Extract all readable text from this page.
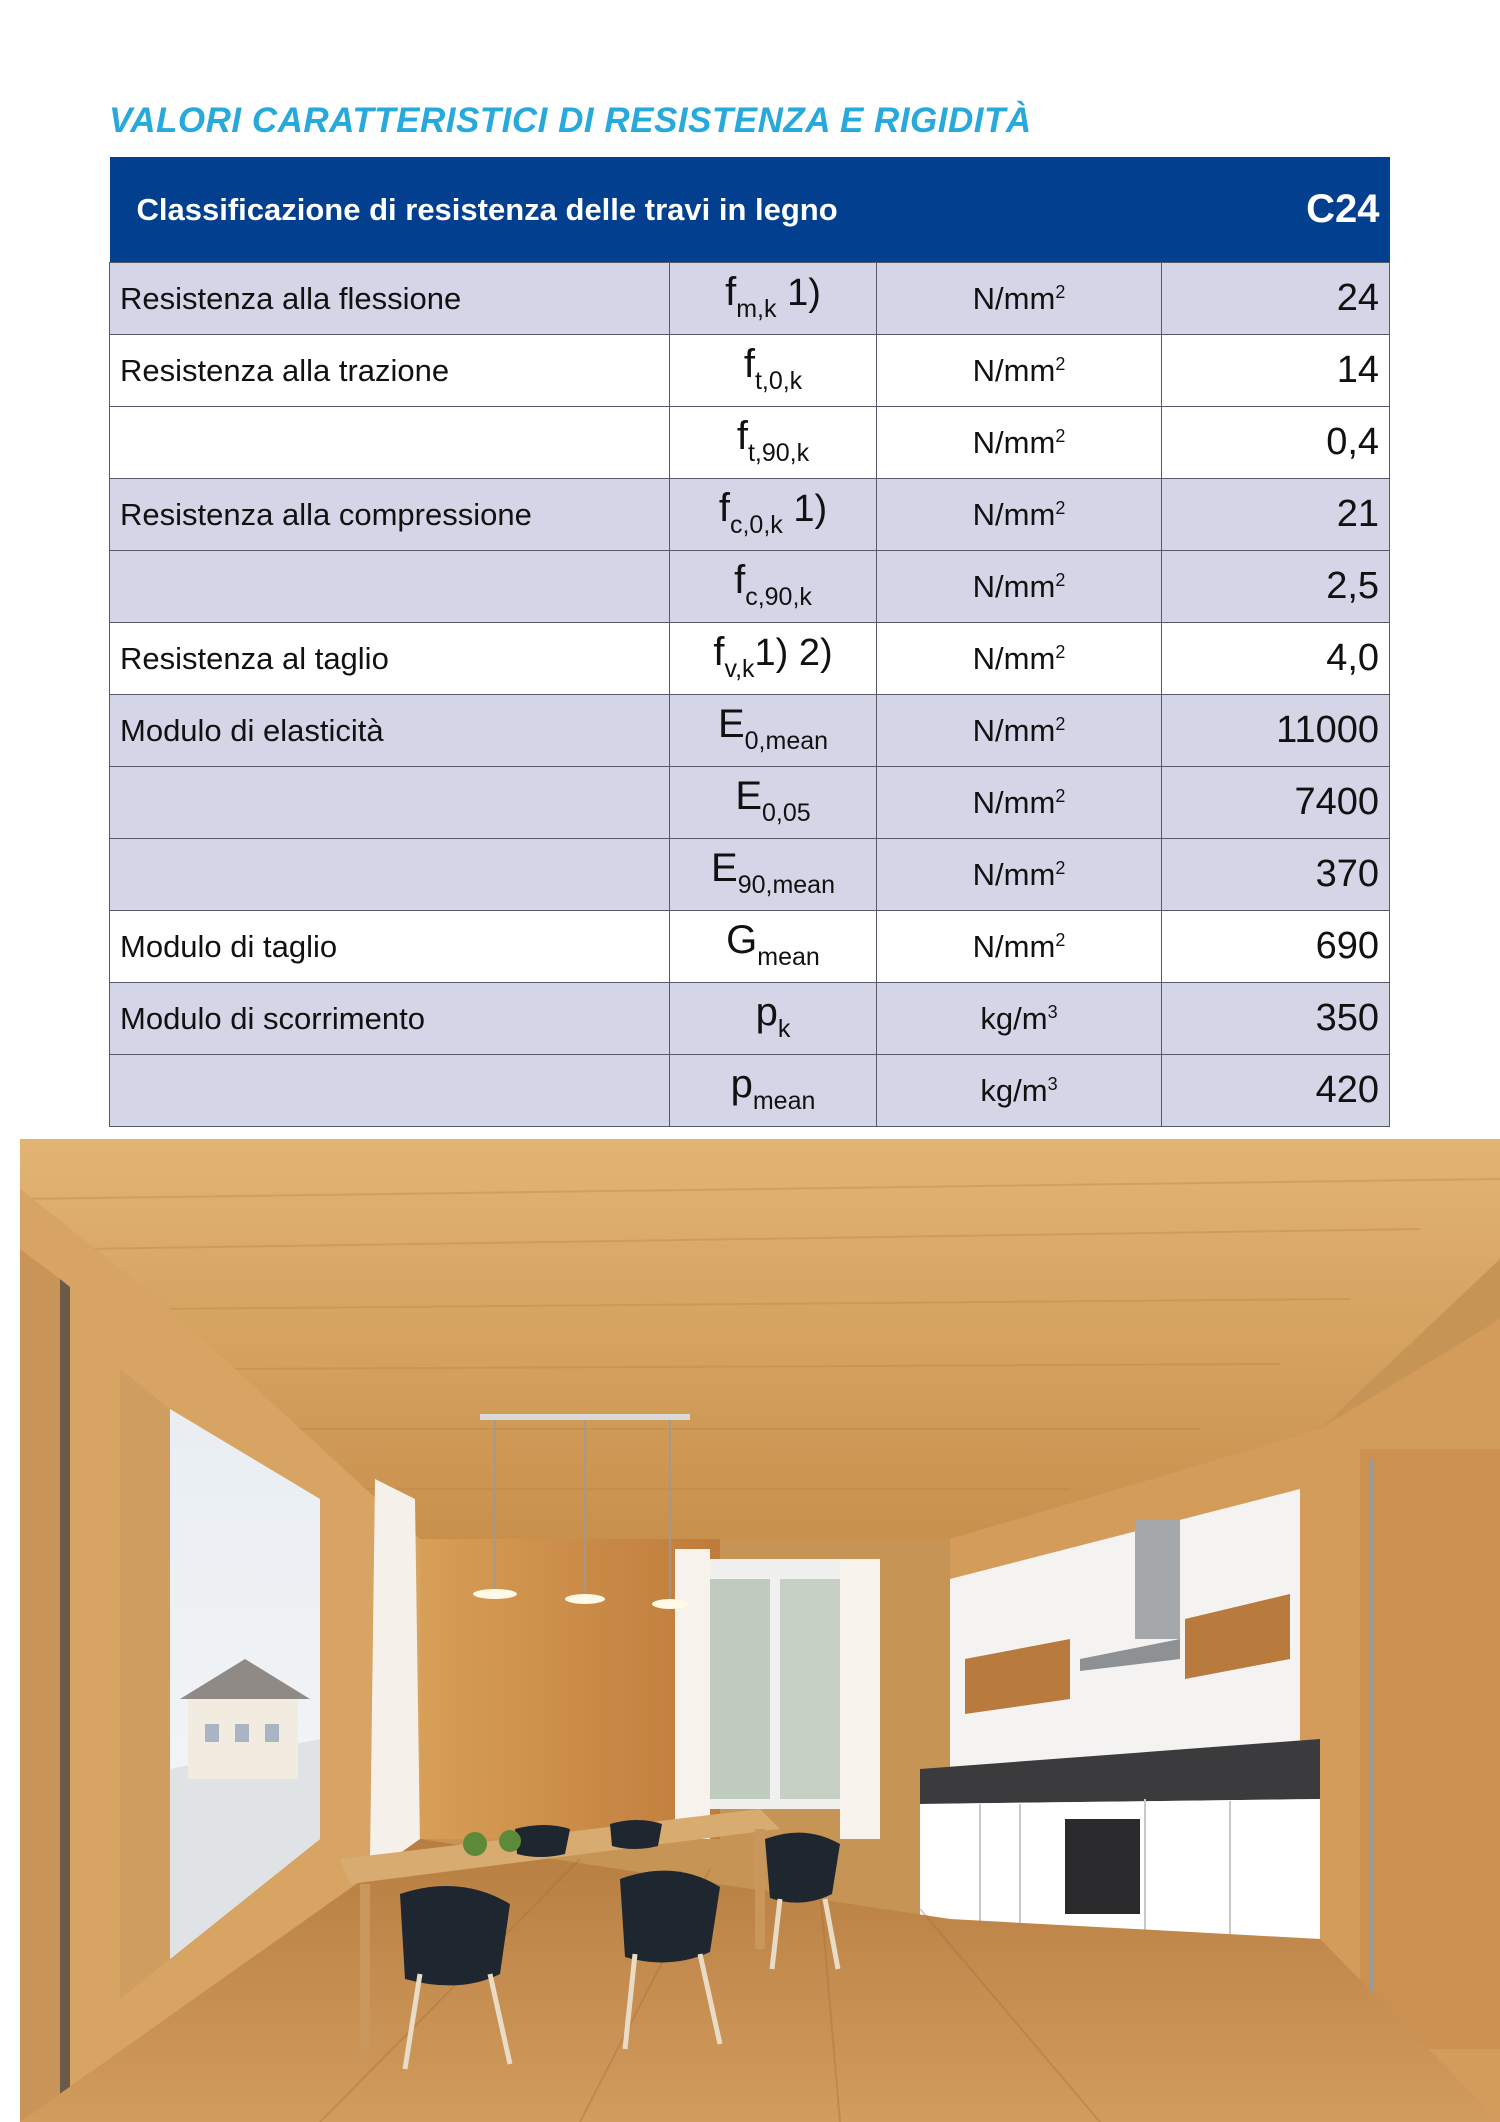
VALORI CARATTERISTICI DI RESISTENZA E RIGIDITÀ
Classificazione di resistenza delle travi in legno			C24
Resistenza alla flessione	$f_{m,k}$ 1)	$N/mm^2$	24
Resistenza alla trazione	$f_{t,0,k}$	$N/mm^2$	14
	$f_{t,90,k}$	$N/mm^2$	0,4
Resistenza alla compressione	$f_{c,0,k}$ 1)	$N/mm^2$	21
	$f_{c,90,k}$	$N/mm^2$	2,5
Resistenza al taglio	$f_{v,k}1$) 2)	$N/mm^2$	4,0
Modulo di elasticità	$E_{0,mean}$	$N/mm^2$	11000
	$E_{0,05}$	$N/mm^2$	7400
	$E_{90,mean}$	$N/mm^2$	370
Modulo di taglio	$G_{mean}$	$N/mm^2$	690
Modulo di scorrimento	$p_k$	$kg/m^3$	350
	$p_{mean}$	$kg/m^3$	420
